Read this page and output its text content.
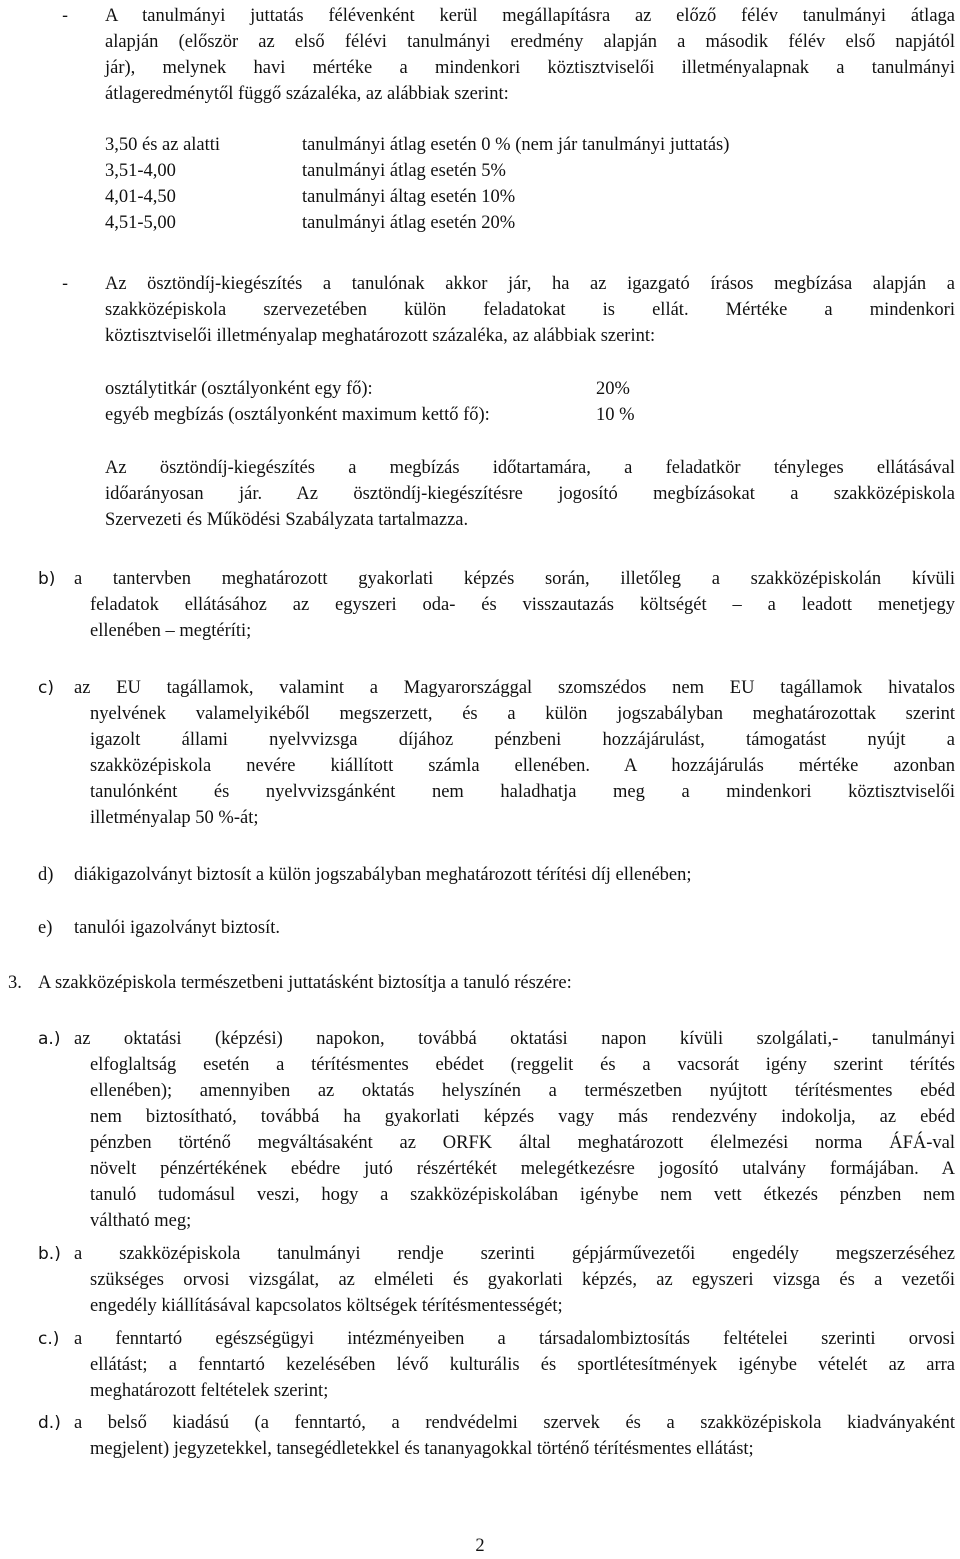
- A tanulmányi juttatás félévenként kerül megállapításra az előző félév tanulmányi átlaga
alapján (először az első félévi tanulmányi eredmény alapján a második félév első napjától
jár), melynek havi mértéke a mindenkori köztisztviselői illetményalapnak a tanulmányi
átlageredménytől függő százaléka, az alábbiak szerint:
3,50 és az alatti	tanulmányi átlag esetén 0 % (nem jár tanulmányi juttatás)
3,51-4,00	tanulmányi átlag esetén 5%
4,01-4,50	tanulmányi áltag esetén 10%
4,51-5,00	tanulmányi átlag esetén 20%
- Az ösztöndíj-kiegészítés a tanulónak akkor jár, ha az igazgató írásos megbízása alapján a
szakközépiskola szervezetében külön feladatokat is ellát. Mértéke a mindenkori
köztisztviselői illetményalap meghatározott százaléka, az alábbiak szerint:
osztálytitkár (osztályonként egy fő):	20%
egyéb megbízás (osztályonként maximum kettő fő):	10 %
Az ösztöndíj-kiegészítés a megbízás időtartamára, a feladatkör tényleges ellátásával
időarányosan jár. Az ösztöndíj-kiegészítésre jogosító megbízásokat a szakközépiskola
Szervezeti és Működési Szabályzata tartalmazza.
b) a tantervben meghatározott gyakorlati képzés során, illetőleg a szakközépiskolán kívüli
feladatok ellátásához az egyszeri oda- és visszautazás költségét – a leadott menetjegy
ellenében – megtéríti;
c) az EU tagállamok, valamint a Magyarországgal szomszédos nem EU tagállamok hivatalos
nyelvének valamelyikéből megszerzett, és a külön jogszabályban meghatározottak szerint
igazolt állami nyelvvizsga díjához pénzbeni hozzájárulást, támogatást nyújt a
szakközépiskola nevére kiállított számla ellenében. A hozzájárulás mértéke azonban
tanulónként és nyelvvizsgánként nem haladhatja meg a mindenkori köztisztviselői
illetményalap 50 %-át;
d) diákigazolványt biztosít a külön jogszabályban meghatározott térítési díj ellenében;
e) tanulói igazolványt biztosít.
3. A szakközépiskola természetbeni juttatásként biztosítja a tanuló részére:
a.) az oktatási (képzési) napokon, továbbá oktatási napon kívüli szolgálati,- tanulmányi
elfoglaltság esetén a térítésmentes ebédet (reggelit és a vacsorát igény szerint térítés
ellenében); amennyiben az oktatás helyszínén a természetben nyújtott térítésmentes ebéd
nem biztosítható, továbbá ha gyakorlati képzés vagy más rendezvény indokolja, az ebéd
pénzben történő megváltásaként az ORFK által meghatározott élelmezési norma ÁFÁ-val
növelt pénzértékének ebédre jutó részértékét melegétkezésre jogosító utalvány formájában. A
tanuló tudomásul veszi, hogy a szakközépiskolában igénybe nem vett étkezés pénzben nem
váltható meg;
b.) a szakközépiskola tanulmányi rendje szerinti gépjárművezetői engedély megszerzéséhez
szükséges orvosi vizsgálat, az elméleti és gyakorlati képzés, az egyszeri vizsga és a vezetői
engedély kiállításával kapcsolatos költségek térítésmentességét;
c.) a fenntartó egészségügyi intézményeiben a társadalombiztosítás feltételei szerinti orvosi
ellátást; a fenntartó kezelésében lévő kulturális és sportlétesítmények igénybe vételét az arra
meghatározott feltételek szerint;
d.) a belső kiadású (a fenntartó, a rendvédelmi szervek és a szakközépiskola kiadványaként
megjelent) jegyzetekkel, tansegédletekkel és tananyagokkal történő térítésmentes ellátást;
2
